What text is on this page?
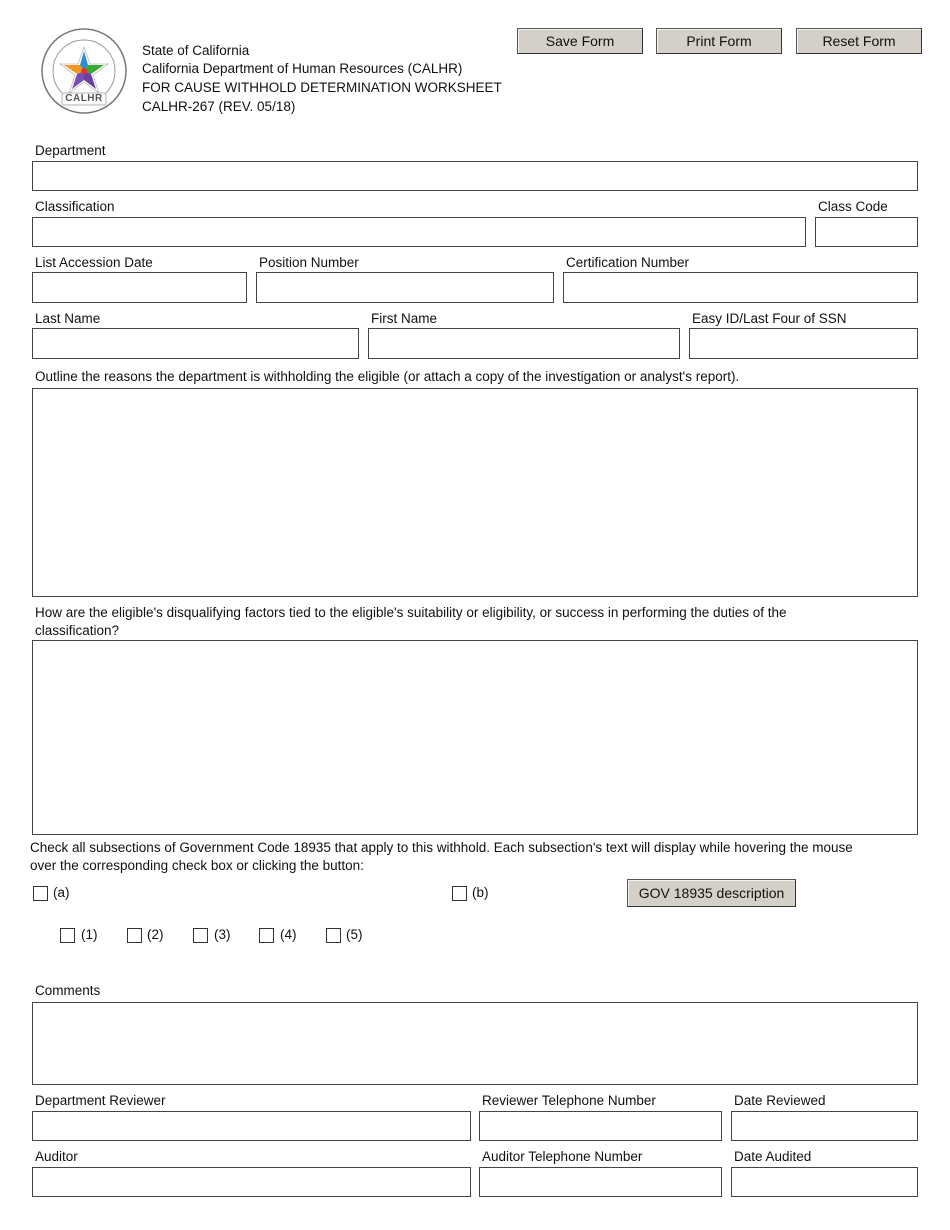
CALHR
State of California
California Department of Human Resources (CALHR)
FOR CAUSE WITHHOLD DETERMINATION WORKSHEET
CALHR-267 (REV. 05/18)
Save Form	Print Form	Reset Form
Department
Classification	Class Code
List Accession Date	Position Number	Certification Number
Last Name	First Name	Easy ID/Last Four of SSN
Outline the reasons the department is withholding the eligible (or attach a copy of the investigation or analyst's report).
How are the eligible's disqualifying factors tied to the eligible's suitability or eligibility, or success in performing the duties of the
classification?
Check all subsections of Government Code 18935 that apply to this withhold. Each subsection's text will display while hovering the mouse
over the corresponding check box or clicking the button:
(a)	(b)	GOV 18935 description
(1)	(2)	(3)	(4)	(5)
Comments
Department Reviewer	Reviewer Telephone Number	Date Reviewed
Auditor	Auditor Telephone Number	Date Audited
